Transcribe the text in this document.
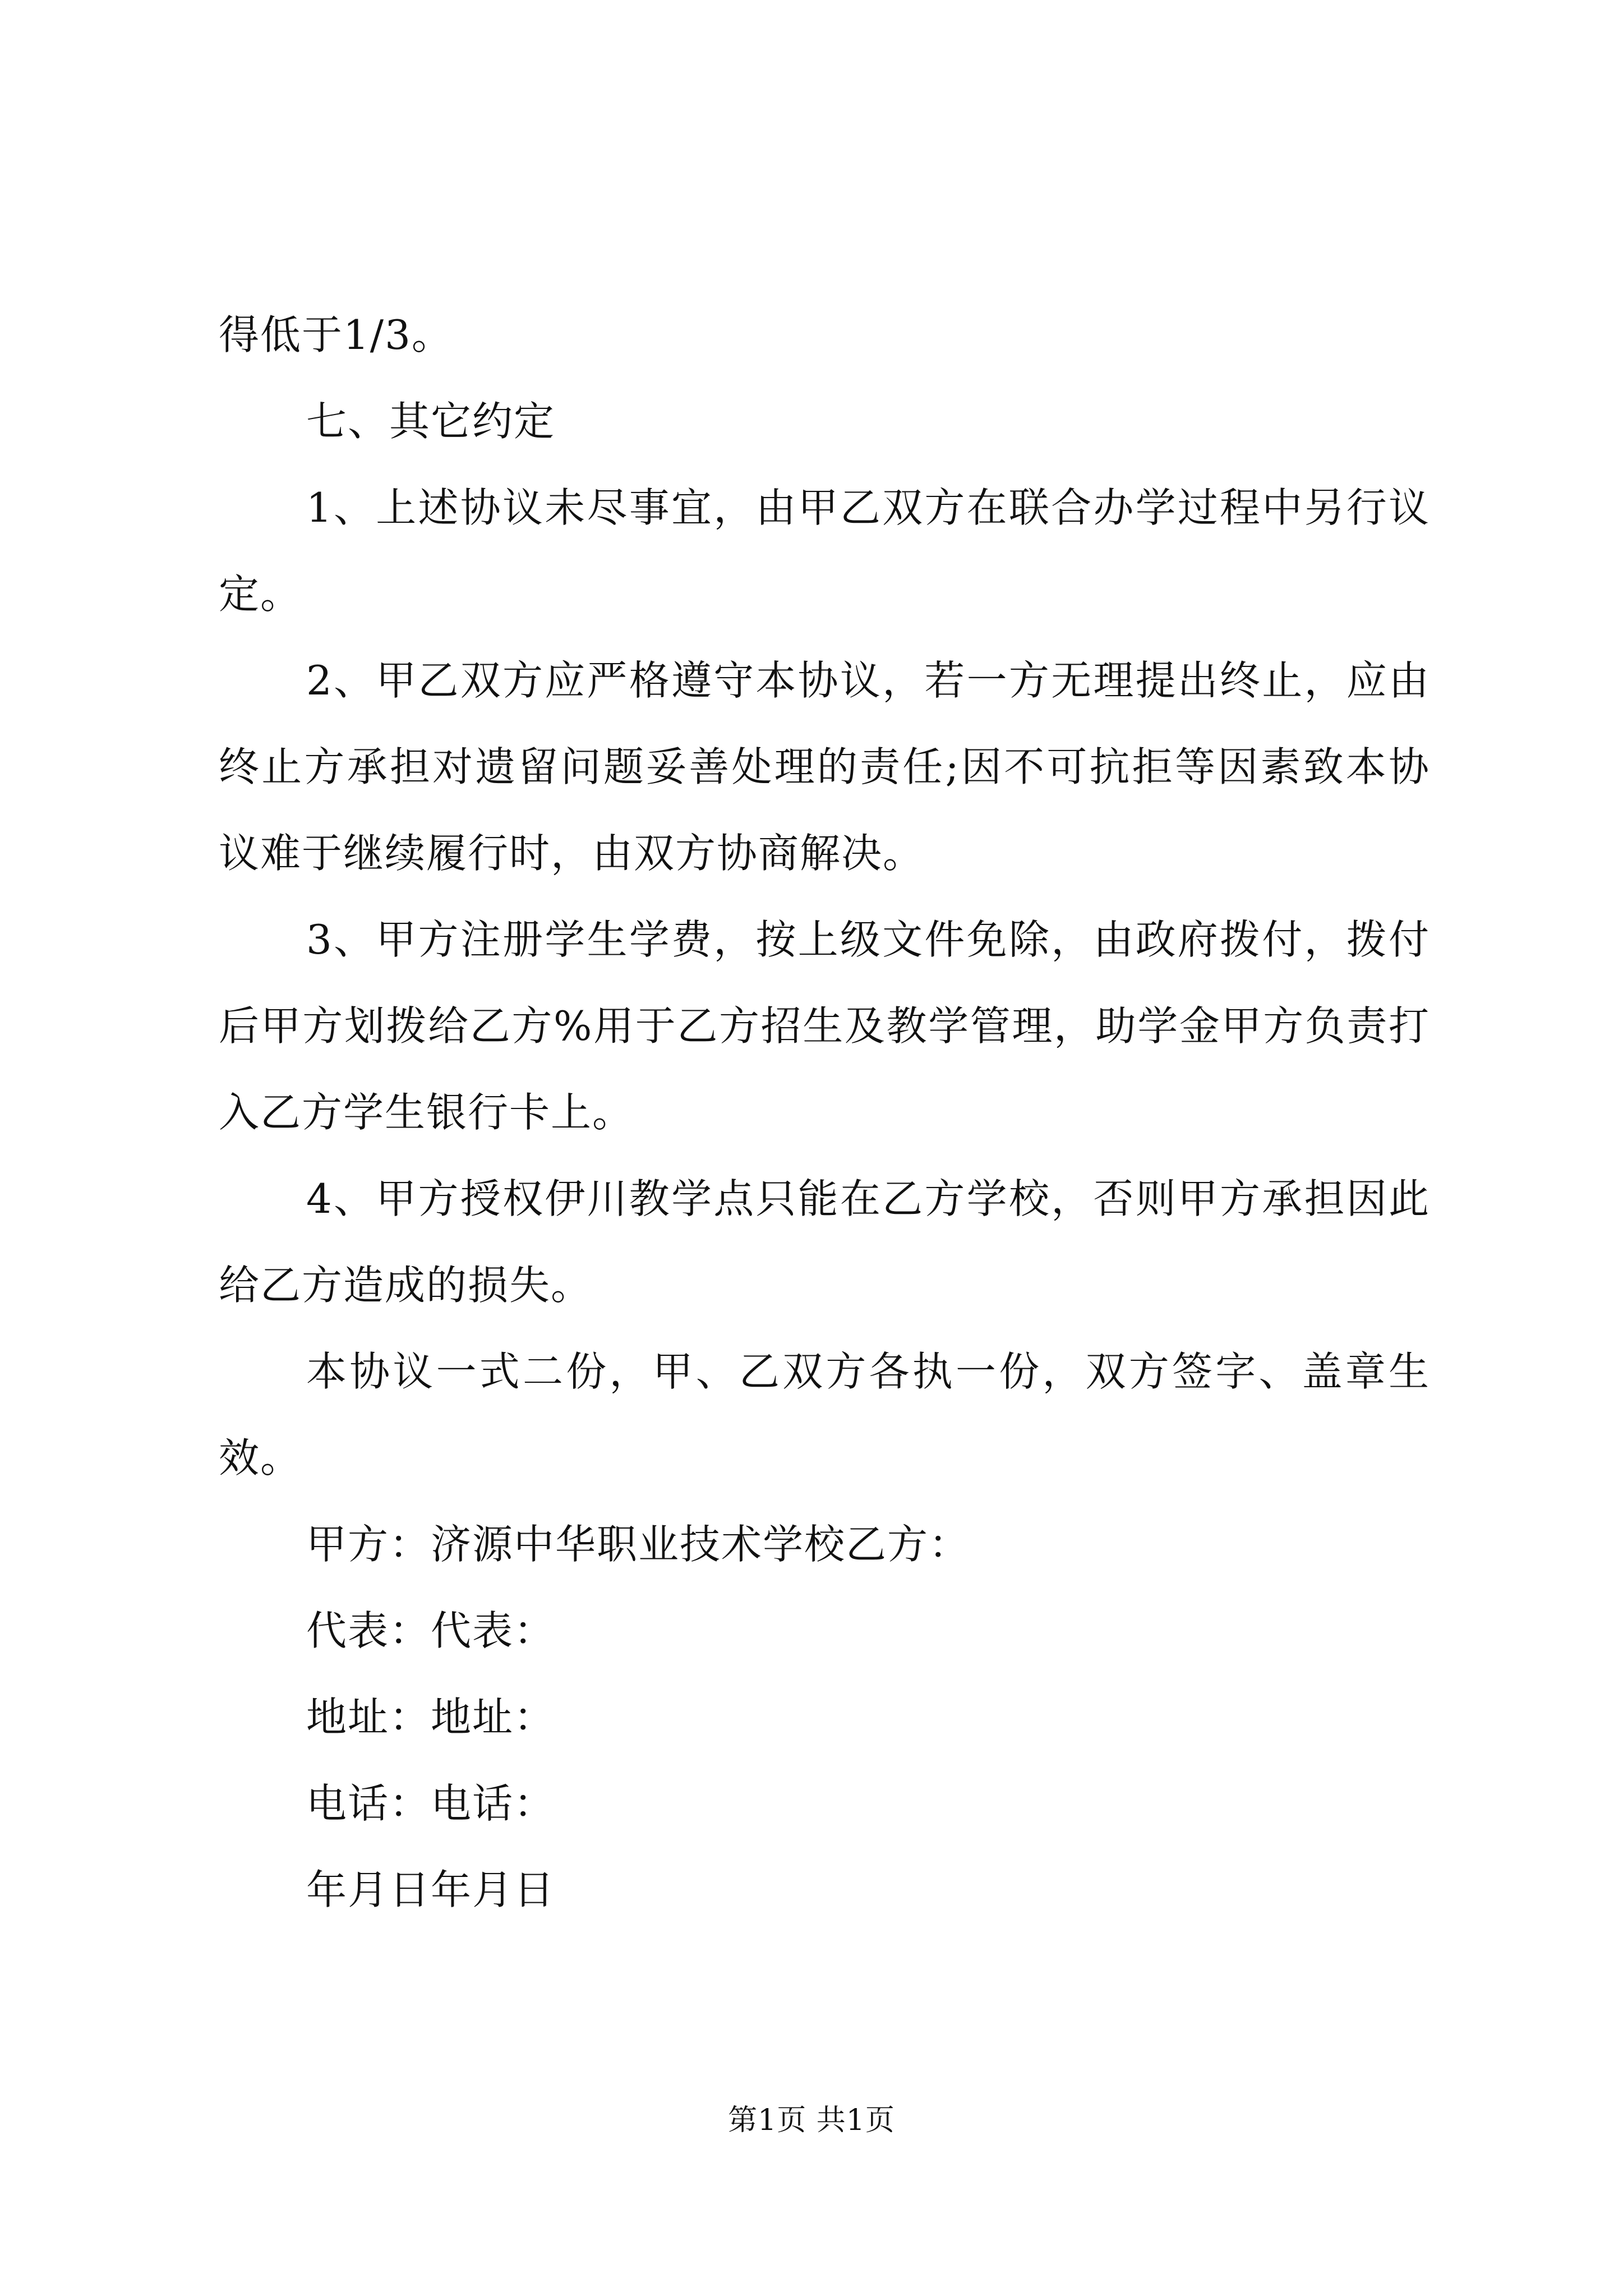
得低于1/3。

七、其它约定

1、上述协议未尽事宜，由甲乙双方在联合办学过程中另行议定。

2、甲乙双方应严格遵守本协议，若一方无理提出终止，应由终止方承担对遗留问题妥善处理的责任;因不可抗拒等因素致本协议难于继续履行时，由双方协商解决。

3、甲方注册学生学费，按上级文件免除，由政府拨付，拨付后甲方划拨给乙方%用于乙方招生及教学管理，助学金甲方负责打入乙方学生银行卡上。

4、甲方授权伊川教学点只能在乙方学校，否则甲方承担因此给乙方造成的损失。

本协议一式二份，甲、乙双方各执一份，双方签字、盖章生效。

甲方：济源中华职业技术学校乙方：

代表：代表：

地址：地址：

电话：电话：

年月日年月日

第1页 共1页
